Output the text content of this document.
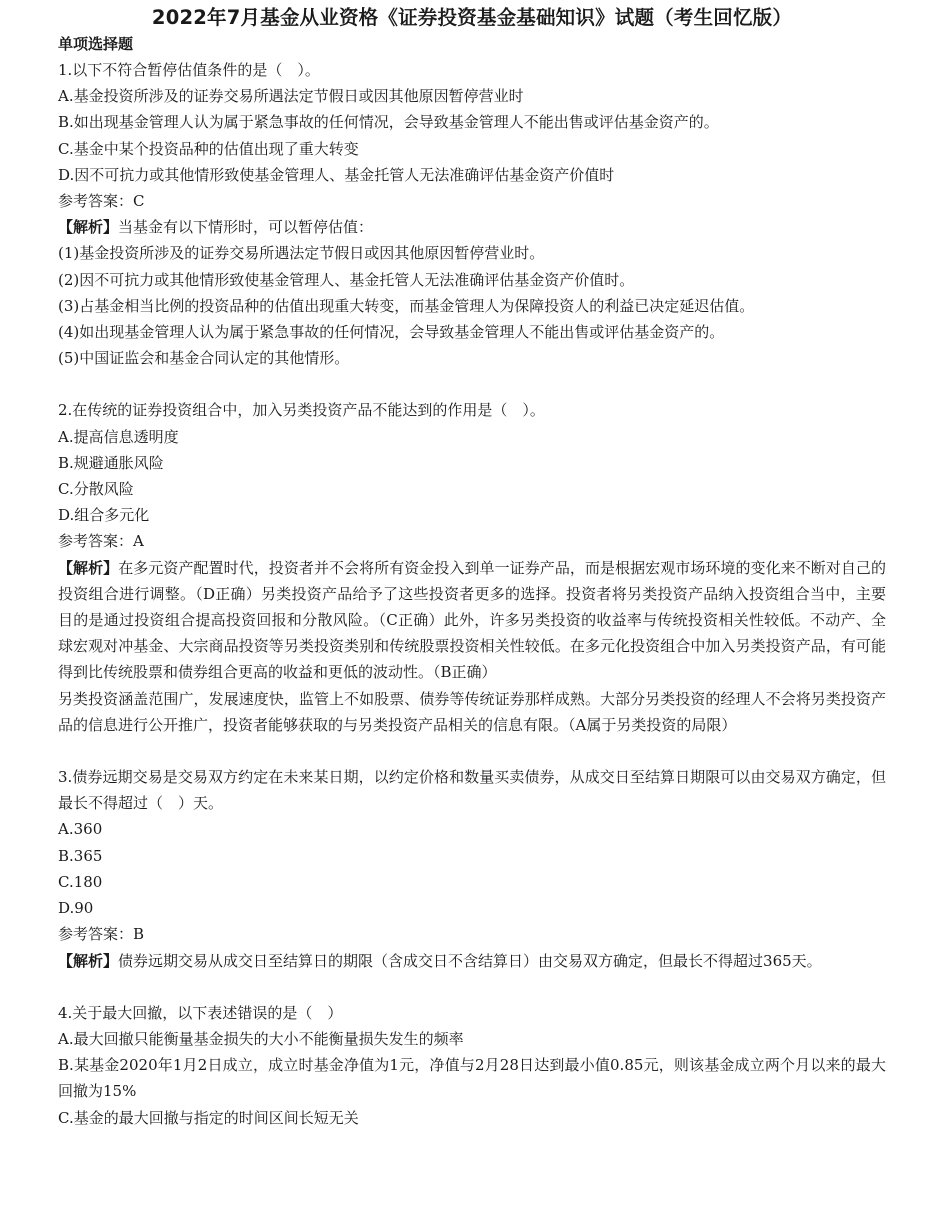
2022年7月基金从业资格《证券投资基金基础知识》试题（考生回忆版）
单项选择题

1.以下不符合暂停估值条件的是（　）。

A.基金投资所涉及的证券交易所遇法定节假日或因其他原因暂停营业时

B.如出现基金管理人认为属于紧急事故的任何情况，会导致基金管理人不能出售或评估基金资产的。

C.基金中某个投资品种的估值出现了重大转变

D.因不可抗力或其他情形致使基金管理人、基金托管人无法准确评估基金资产价值时

参考答案：C

【解析】当基金有以下情形时，可以暂停估值：

(1)基金投资所涉及的证券交易所遇法定节假日或因其他原因暂停营业时。

(2)因不可抗力或其他情形致使基金管理人、基金托管人无法准确评估基金资产价值时。

(3)占基金相当比例的投资品种的估值出现重大转变，而基金管理人为保障投资人的利益已决定延迟估值。

(4)如出现基金管理人认为属于紧急事故的任何情况，会导致基金管理人不能出售或评估基金资产的。

(5)中国证监会和基金合同认定的其他情形。

2.在传统的证券投资组合中，加入另类投资产品不能达到的作用是（　）。

A.提高信息透明度

B.规避通胀风险

C.分散风险

D.组合多元化

参考答案：A

【解析】在多元资产配置时代，投资者并不会将所有资金投入到单一证券产品，而是根据宏观市场环境的变化来不断对自己的投资组合进行调整。（D正确）另类投资产品给予了这些投资者更多的选择。投资者将另类投资产品纳入投资组合当中，主要目的是通过投资组合提高投资回报和分散风险。（C正确）此外，许多另类投资的收益率与传统投资相关性较低。不动产、全球宏观对冲基金、大宗商品投资等另类投资类别和传统股票投资相关性较低。在多元化投资组合中加入另类投资产品，有可能得到比传统股票和债券组合更高的收益和更低的波动性。（B正确）

另类投资涵盖范围广，发展速度快，监管上不如股票、债券等传统证券那样成熟。大部分另类投资的经理人不会将另类投资产品的信息进行公开推广，投资者能够获取的与另类投资产品相关的信息有限。（A属于另类投资的局限）

3.债券远期交易是交易双方约定在未来某日期，以约定价格和数量买卖债券，从成交日至结算日期限可以由交易双方确定，但最长不得超过（　）天。

A.360

B.365

C.180

D.90

参考答案：B

【解析】债券远期交易从成交日至结算日的期限（含成交日不含结算日）由交易双方确定，但最长不得超过365天。

4.关于最大回撤，以下表述错误的是（　）

A.最大回撤只能衡量基金损失的大小不能衡量损失发生的频率

B.某基金2020年1月2日成立，成立时基金净值为1元，净值与2月28日达到最小值0.85元，则该基金成立两个月以来的最大回撤为15%

C.基金的最大回撤与指定的时间区间长短无关
